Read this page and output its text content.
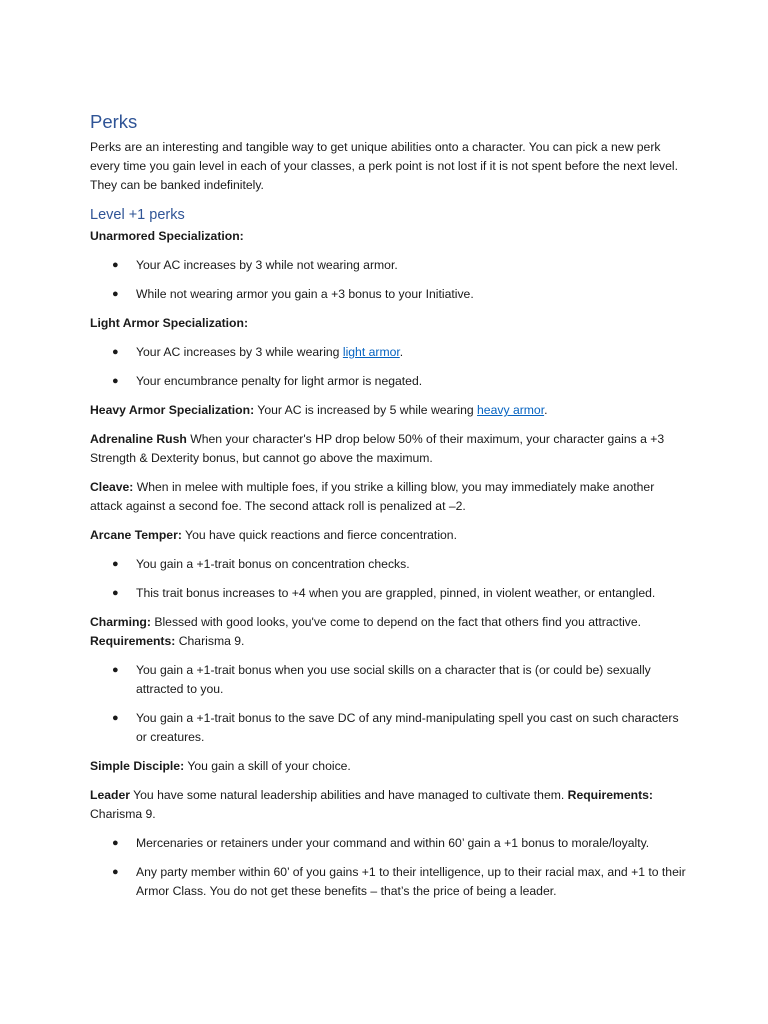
Perks

Perks are an interesting and tangible way to get unique abilities onto a character. You can pick a new perk every time you gain level in each of your classes, a perk point is not lost if it is not spent before the next level. They can be banked indefinitely.

Level +1 perks

Unarmored Specialization:

● Your AC increases by 3 while not wearing armor.
● While not wearing armor you gain a +3 bonus to your Initiative.

Light Armor Specialization:

● Your AC increases by 3 while wearing light armor.
● Your encumbrance penalty for light armor is negated.

Heavy Armor Specialization: Your AC is increased by 5 while wearing heavy armor.

Adrenaline Rush When your character's HP drop below 50% of their maximum, your character gains a +3 Strength & Dexterity bonus, but cannot go above the maximum.

Cleave: When in melee with multiple foes, if you strike a killing blow, you may immediately make another attack against a second foe. The second attack roll is penalized at –2.

Arcane Temper: You have quick reactions and fierce concentration.

● You gain a +1-trait bonus on concentration checks.
● This trait bonus increases to +4 when you are grappled, pinned, in violent weather, or entangled.

Charming: Blessed with good looks, you've come to depend on the fact that others find you attractive.
Requirements: Charisma 9.

● You gain a +1-trait bonus when you use social skills on a character that is (or could be) sexually attracted to you.
● You gain a +1-trait bonus to the save DC of any mind-manipulating spell you cast on such characters or creatures.

Simple Disciple: You gain a skill of your choice.

Leader You have some natural leadership abilities and have managed to cultivate them. Requirements: Charisma 9.

● Mercenaries or retainers under your command and within 60’ gain a +1 bonus to morale/loyalty.
● Any party member within 60’ of you gains +1 to their intelligence, up to their racial max, and +1 to their Armor Class. You do not get these benefits – that’s the price of being a leader.
